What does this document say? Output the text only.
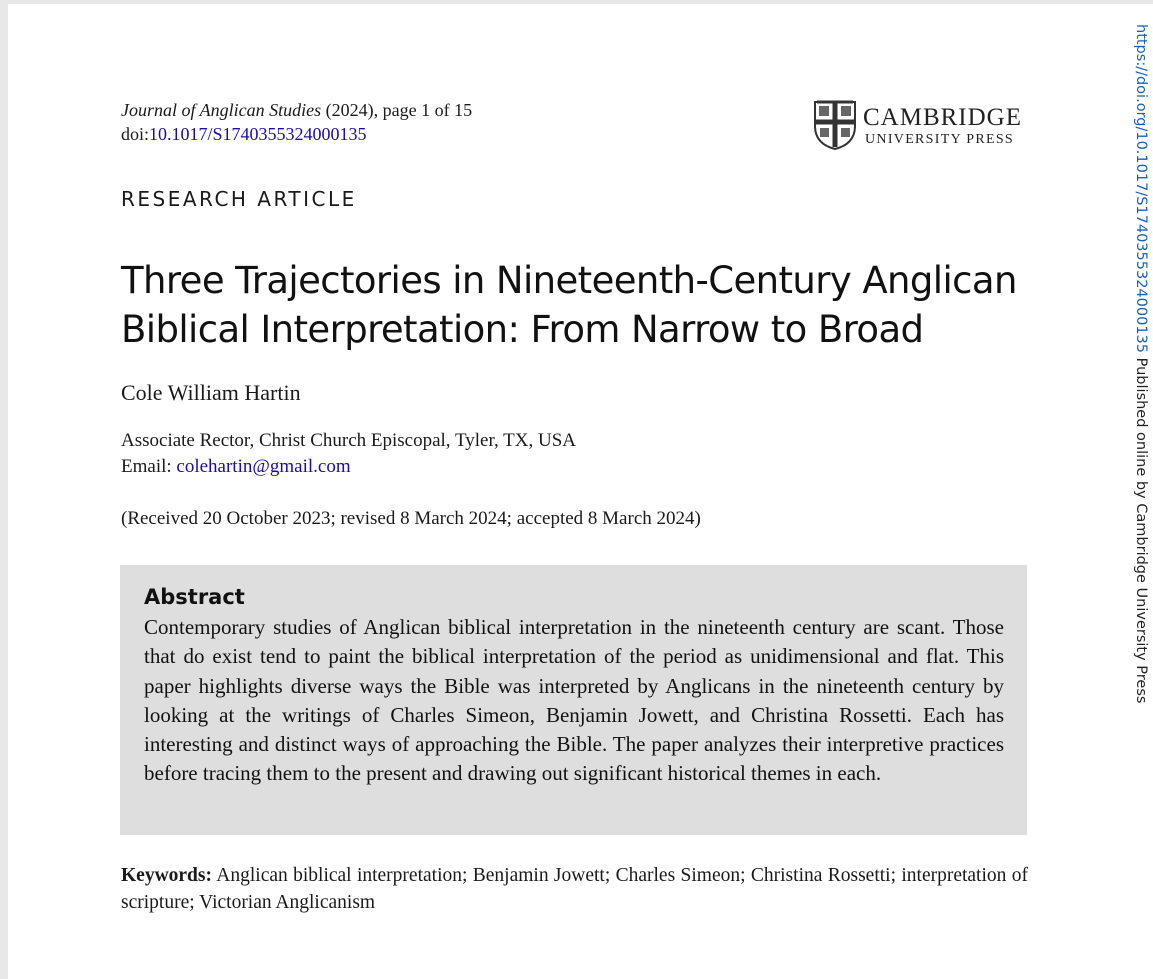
Journal of Anglican Studies (2024), page 1 of 15
doi:10.1017/S1740355324000135
CAMBRIDGE
UNIVERSITY PRESS
RESEARCH ARTICLE
Three Trajectories in Nineteenth-Century Anglican
Biblical Interpretation: From Narrow to Broad
Cole William Hartin
Associate Rector, Christ Church Episcopal, Tyler, TX, USA
Email: colehartin@gmail.com
(Received 20 October 2023; revised 8 March 2024; accepted 8 March 2024)
Abstract

Contemporary studies of Anglican biblical interpretation in the nineteenth century are scant. Those that do exist tend to paint the biblical interpretation of the period as unidimensional and flat. This paper highlights diverse ways the Bible was interpreted by Anglicans in the nineteenth century by looking at the writings of Charles Simeon, Benjamin Jowett, and Christina Rossetti. Each has interesting and distinct ways of approaching the Bible. The paper analyzes their interpretive practices before tracing them to the present and drawing out significant historical themes in each.

Keywords: Anglican biblical interpretation; Benjamin Jowett; Charles Simeon; Christina Rossetti; interpretation of scripture; Victorian Anglicanism

https://doi.org/10.1017/S1740355324000135 Published online by Cambridge University Press
